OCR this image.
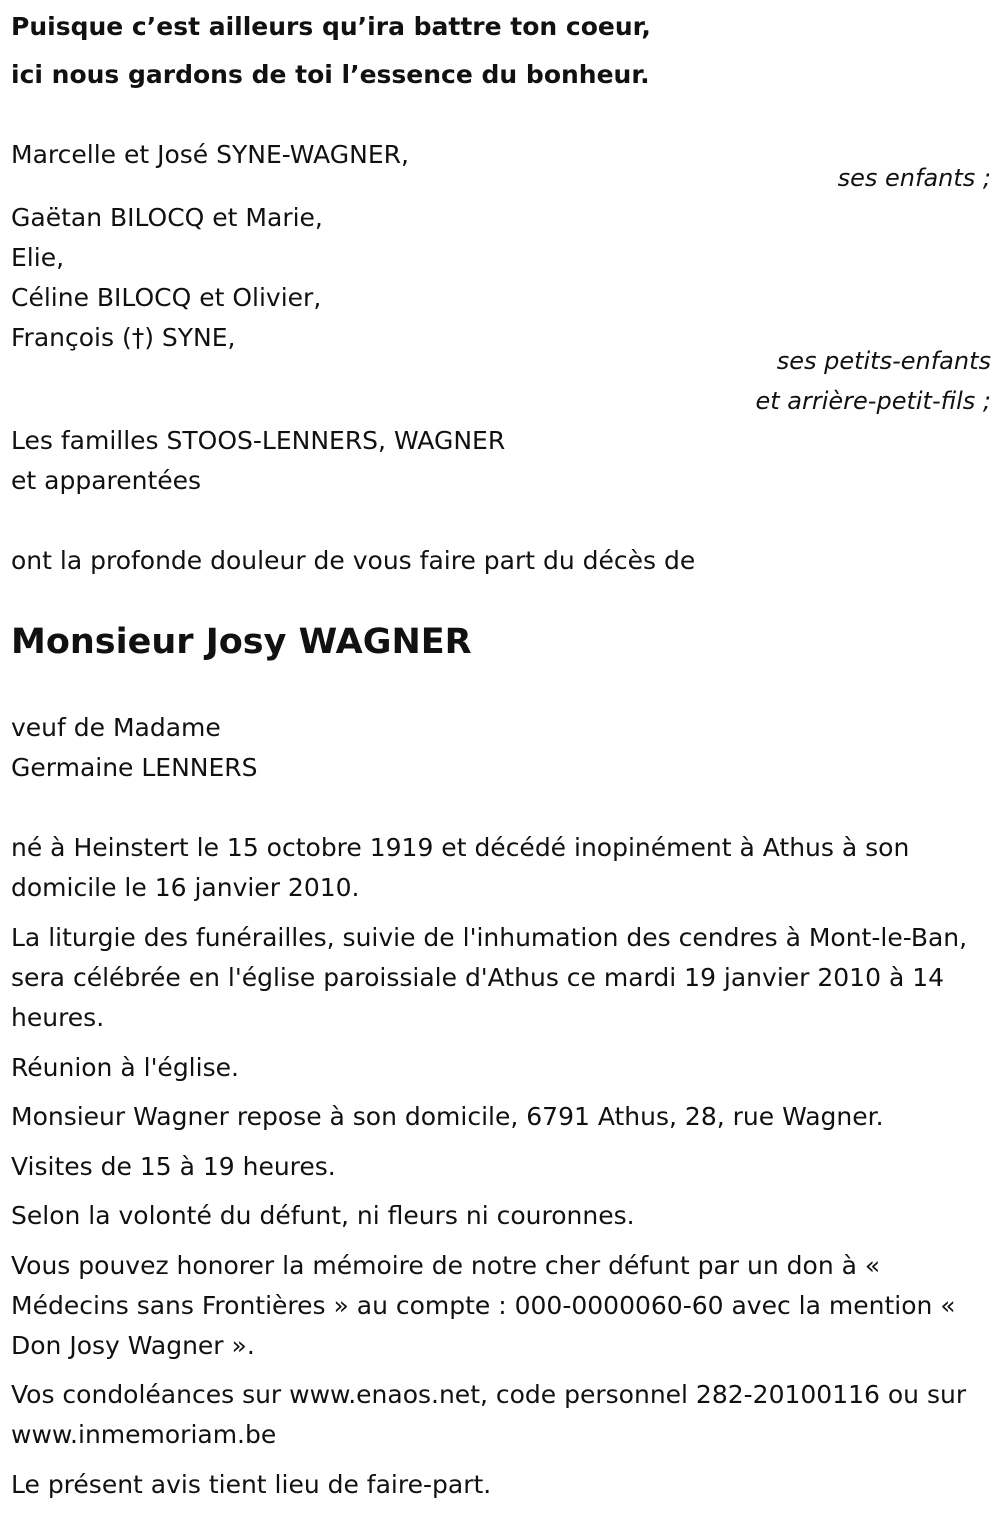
Puisque c’est ailleurs qu’ira battre ton coeur,
ici nous gardons de toi l’essence du bonheur.
Marcelle et José SYNE-WAGNER,
ses enfants ;
Gaëtan BILOCQ et Marie,
Elie,
Céline BILOCQ et Olivier,
François (†) SYNE,
ses petits-enfants
et arrière-petit-fils ;
Les familles STOOS-LENNERS, WAGNER
et apparentées
ont la profonde douleur de vous faire part du décès de
Monsieur Josy WAGNER
veuf de Madame
Germaine LENNERS
né à Heinstert le 15 octobre 1919 et décédé inopinément à Athus à son domicile le 16 janvier 2010.
La liturgie des funérailles, suivie de l'inhumation des cendres à Mont-le-Ban, sera célébrée en l'église paroissiale d'Athus ce mardi 19 janvier 2010 à 14 heures.
Réunion à l'église.
Monsieur Wagner repose à son domicile, 6791 Athus, 28, rue Wagner.
Visites de 15 à 19 heures.
Selon la volonté du défunt, ni fleurs ni couronnes.
Vous pouvez honorer la mémoire de notre cher défunt par un don à « Médecins sans Frontières » au compte : 000-0000060-60 avec la mention « Don Josy Wagner ».
Vos condoléances sur www.enaos.net, code personnel 282-20100116 ou sur www.inmemoriam.be
Le présent avis tient lieu de faire-part.
